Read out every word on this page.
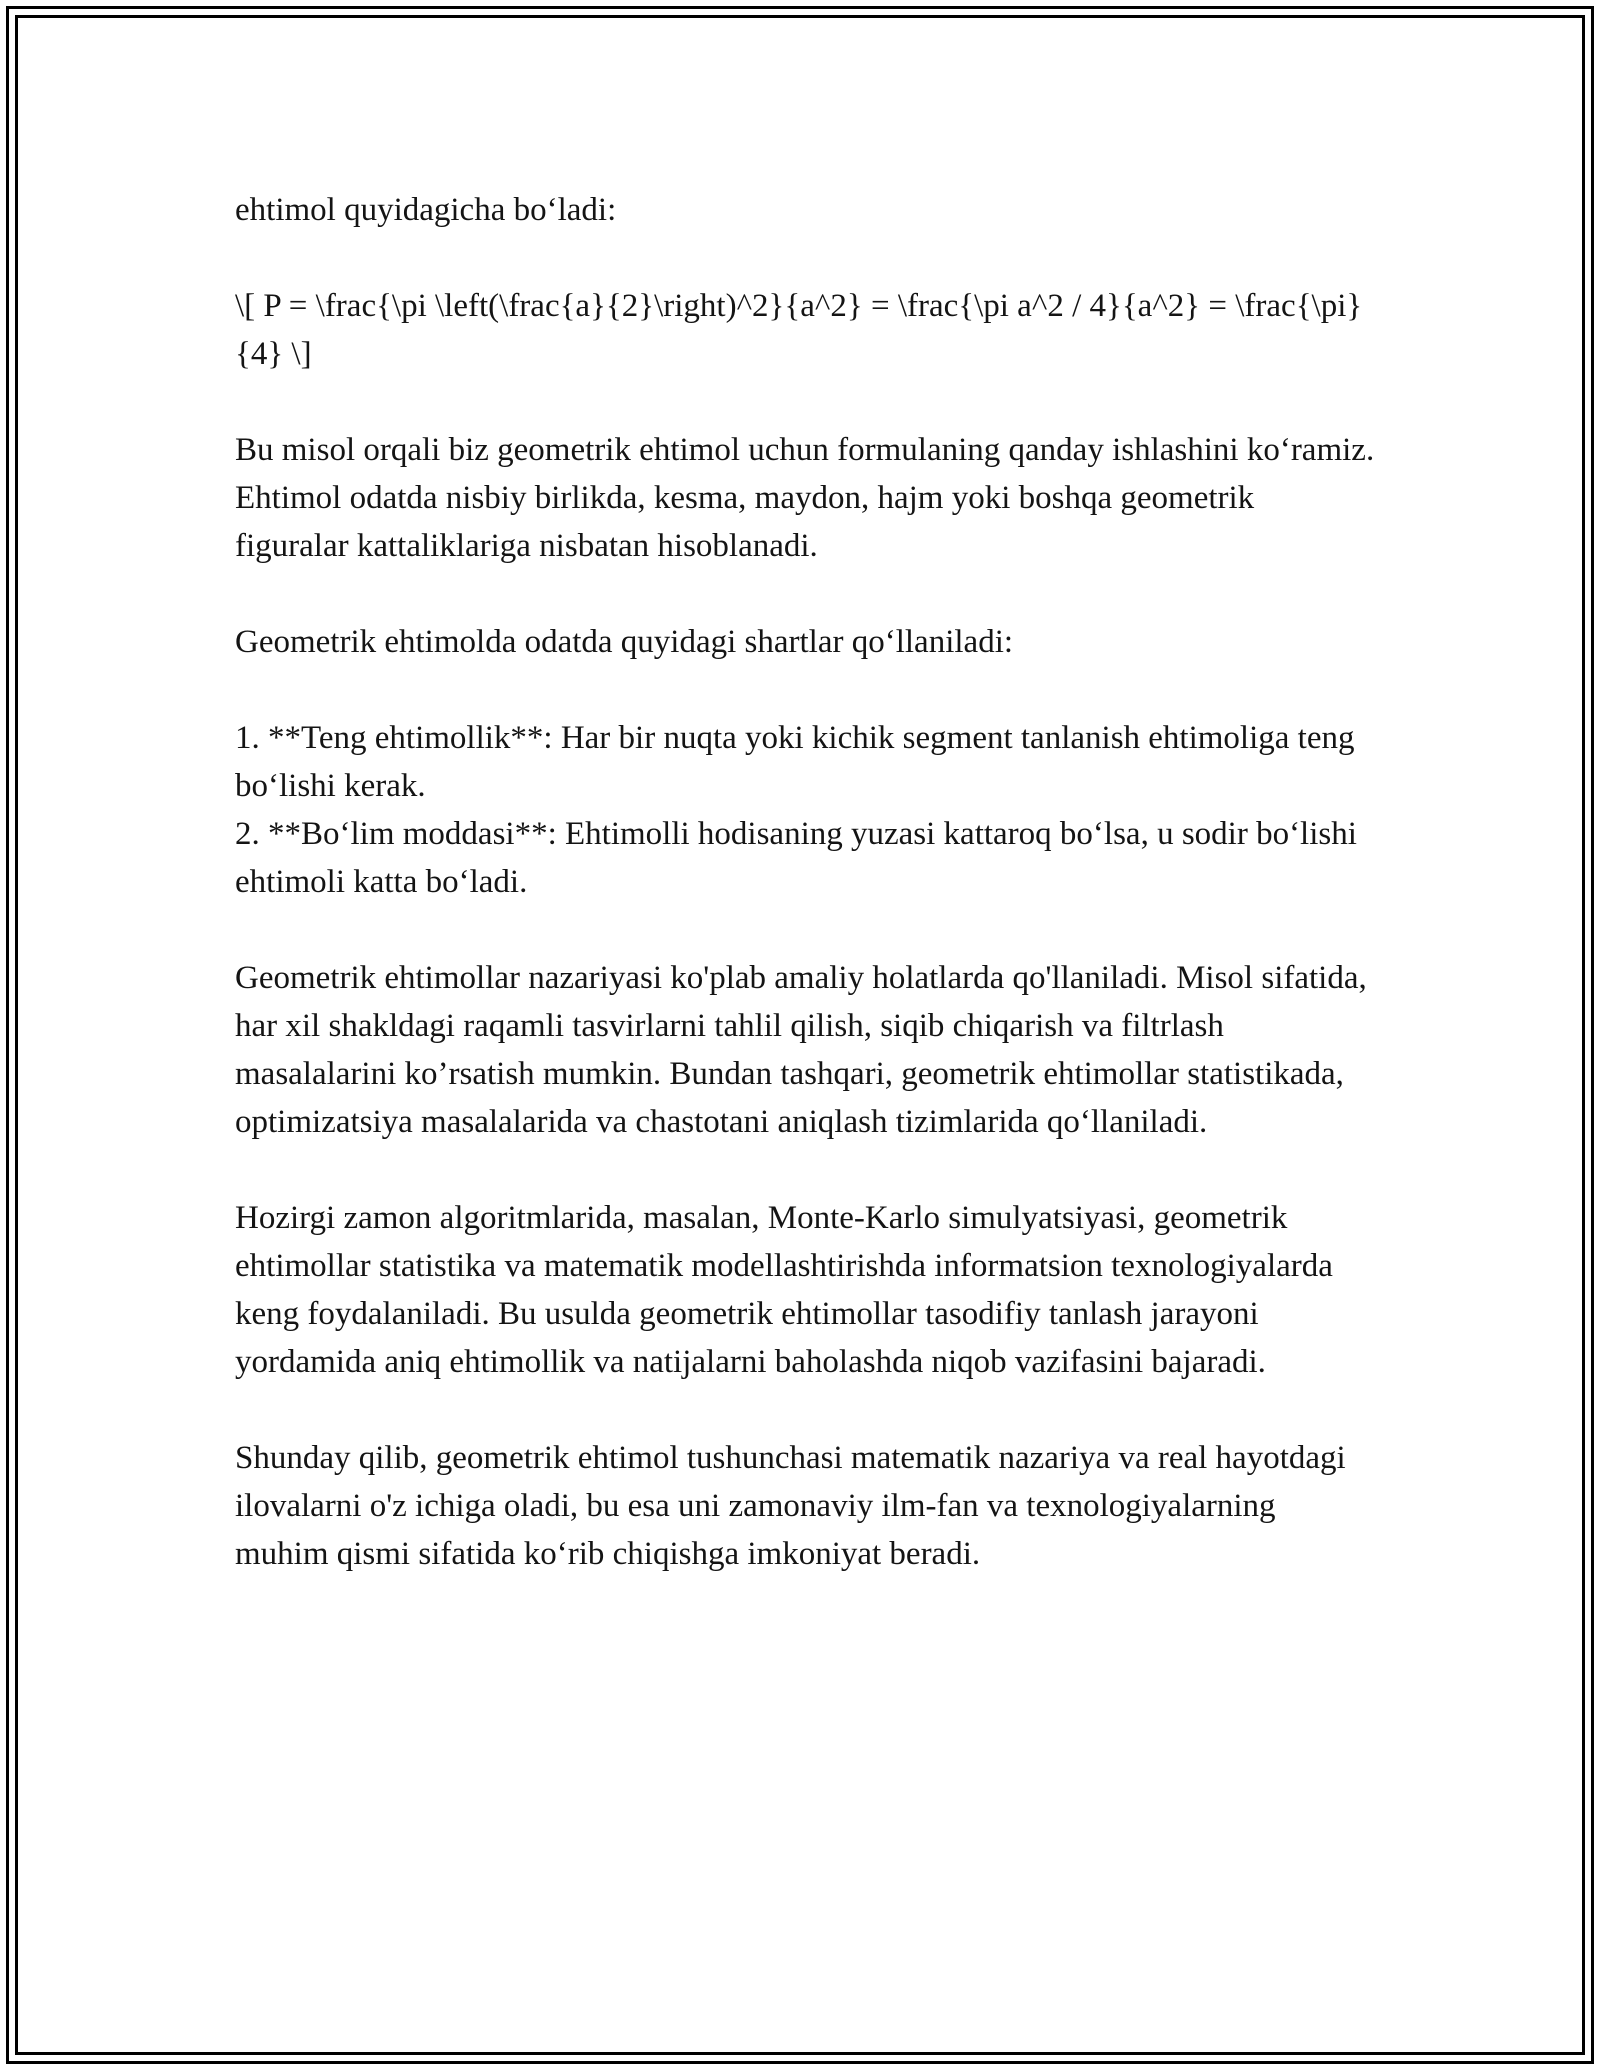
ehtimol quyidagicha bo‘ladi:

\[ P = \frac{\pi \left(\frac{a}{2}\right)^2}{a^2} = \frac{\pi a^2 / 4}{a^2} = \frac{\pi}{4} \]

Bu misol orqali biz geometrik ehtimol uchun formulaning qanday ishlashini ko‘ramiz.  Ehtimol odatda nisbiy birlikda, kesma, maydon, hajm yoki boshqa geometrik figuralar kattaliklariga nisbatan hisoblanadi.

Geometrik ehtimolda odatda quyidagi shartlar qo‘llaniladi:

1. **Teng ehtimollik**: Har bir nuqta yoki kichik segment tanlanish ehtimoliga teng bo‘lishi kerak.

2. **Bo‘lim moddasi**: Ehtimolli hodisaning yuzasi kattaroq bo‘lsa, u sodir bo‘lishi ehtimoli katta bo‘ladi.

Geometrik ehtimollar nazariyasi ko'plab amaliy holatlarda qo'llaniladi. Misol sifatida, har xil shakldagi raqamli tasvirlarni tahlil qilish, siqib chiqarish va filtrlash masalalarini ko’rsatish mumkin. Bundan tashqari, geometrik ehtimollar statistikada, optimizatsiya masalalarida va chastotani aniqlash tizimlarida qo‘llaniladi.

Hozirgi zamon algoritmlarida, masalan, Monte-Karlo simulyatsiyasi, geometrik ehtimollar statistika va matematik modellashtirishda informatsion texnologiyalarda keng foydalaniladi. Bu usulda geometrik ehtimollar tasodifiy tanlash jarayoni yordamida aniq ehtimollik va natijalarni baholashda niqob vazifasini bajaradi.

Shunday qilib, geometrik ehtimol tushunchasi matematik nazariya va real hayotdagi ilovalarni o'z ichiga oladi, bu esa uni zamonaviy ilm-fan va texnologiyalarning muhim qismi sifatida ko‘rib chiqishga imkoniyat beradi.
